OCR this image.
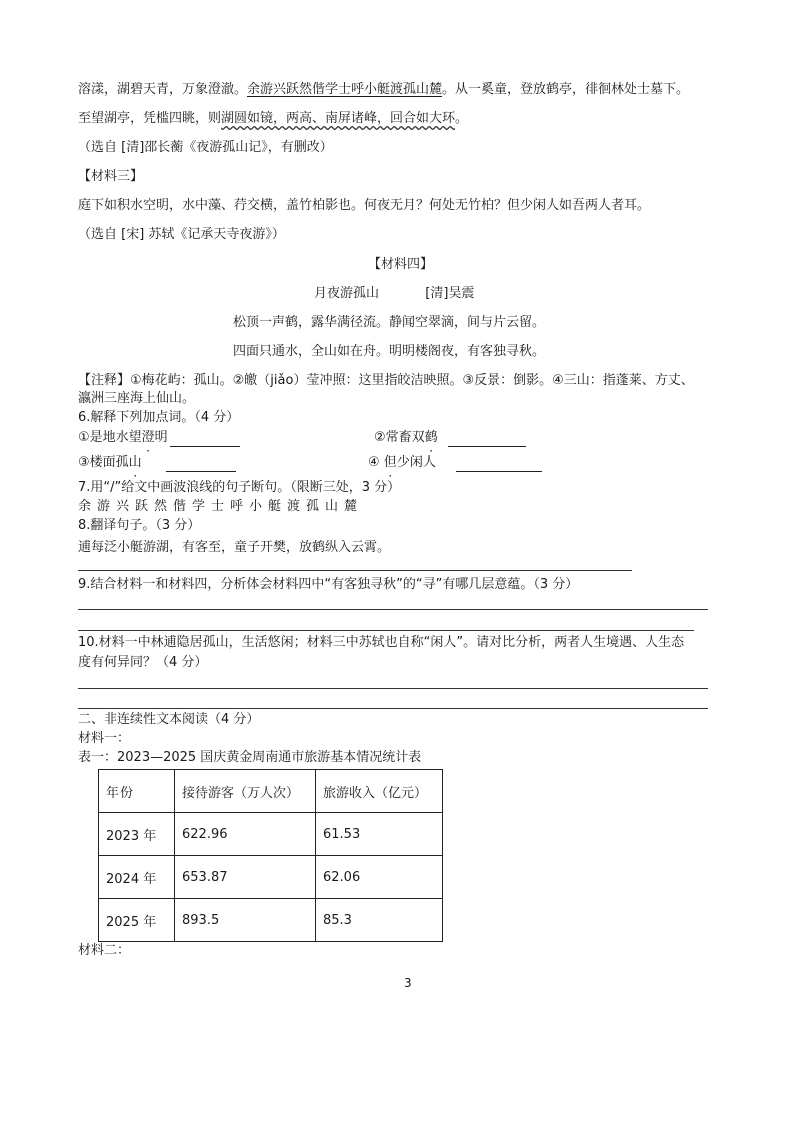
溶漾，湖碧天青，万象澄澈。余游兴跃然偕学士呼小艇渡孤山麓。从一奚童，登放鹤亭，徘徊林处士墓下。
至望湖亭，凭槛四眺，则湖圆如镜，两高、南屏诸峰，回合如大环。
（选自 [清]邵长蘅《夜游孤山记》，有删改）
【材料三】
庭下如积水空明，水中藻、荇交横，盖竹柏影也。何夜无月？何处无竹柏？但少闲人如吾两人者耳。
（选自 [宋] 苏轼《记承天寺夜游》）
【材料四】
月夜游孤山	[清]吴震
松顶一声鹤，露华满径流。静闻空翠滴，间与片云留。
四面只通水，全山如在舟。明明楼阁夜，有客独寻秋。
【注释】①梅花屿：孤山。②皦（jiǎo）莹冲照：这里指皎洁映照。③反景：倒影。④三山：指蓬莱、方丈、
瀛洲三座海上仙山。
6.解释下列加点词。（4 分）
①是地水望澄明	②常畜双鹤
③楼面孤山	④ 但少闲人
7.用“/”给文中画波浪线的句子断句。（限断三处，3 分）
余游兴跃然偕学士呼小艇渡孤山麓
8.翻译句子。（3 分）
逋每泛小艇游湖，有客至，童子开樊，放鹤纵入云霄。
9.结合材料一和材料四，分析体会材料四中“有客独寻秋”的“寻”有哪几层意蕴。（3 分）
10.材料一中林逋隐居孤山，生活悠闲；材料三中苏轼也自称“闲人”。请对比分析，两者人生境遇、人生态
度有何异同？（4 分）
二、非连续性文本阅读（4 分）
材料一：
表一：2023—2025 国庆黄金周南通市旅游基本情况统计表
年份	接待游客（万人次）	旅游收入（亿元）
2023 年	622.96	61.53
2024 年	653.87	62.06
2025 年	893.5	85.3
材料二：
3
